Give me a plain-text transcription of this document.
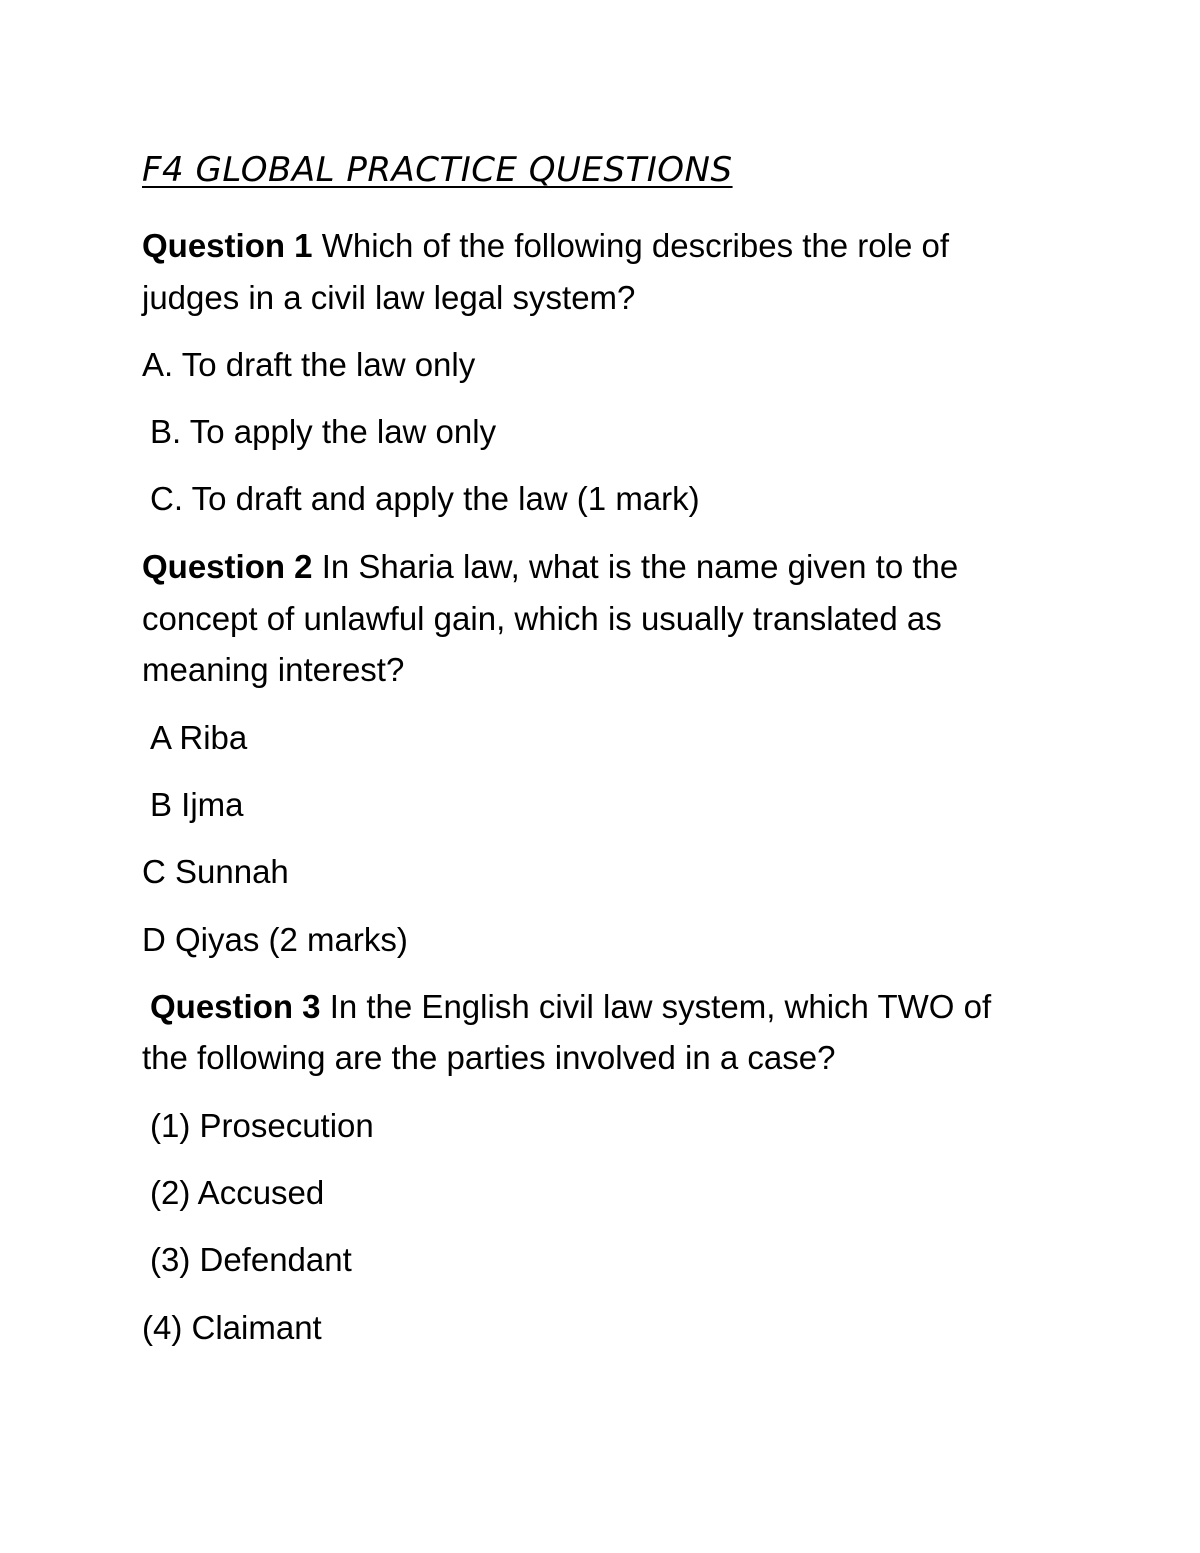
F4 GLOBAL PRACTICE QUESTIONS
Question 1 Which of the following describes the role of
judges in a civil law legal system?
A. To draft the law only
B. To apply the law only
C. To draft and apply the law (1 mark)
Question 2 In Sharia law, what is the name given to the
concept of unlawful gain, which is usually translated as
meaning interest?
A Riba
B Ijma
C Sunnah
D Qiyas (2 marks)
Question 3 In the English civil law system, which TWO of
the following are the parties involved in a case?
(1) Prosecution
(2) Accused
(3) Defendant
(4) Claimant
